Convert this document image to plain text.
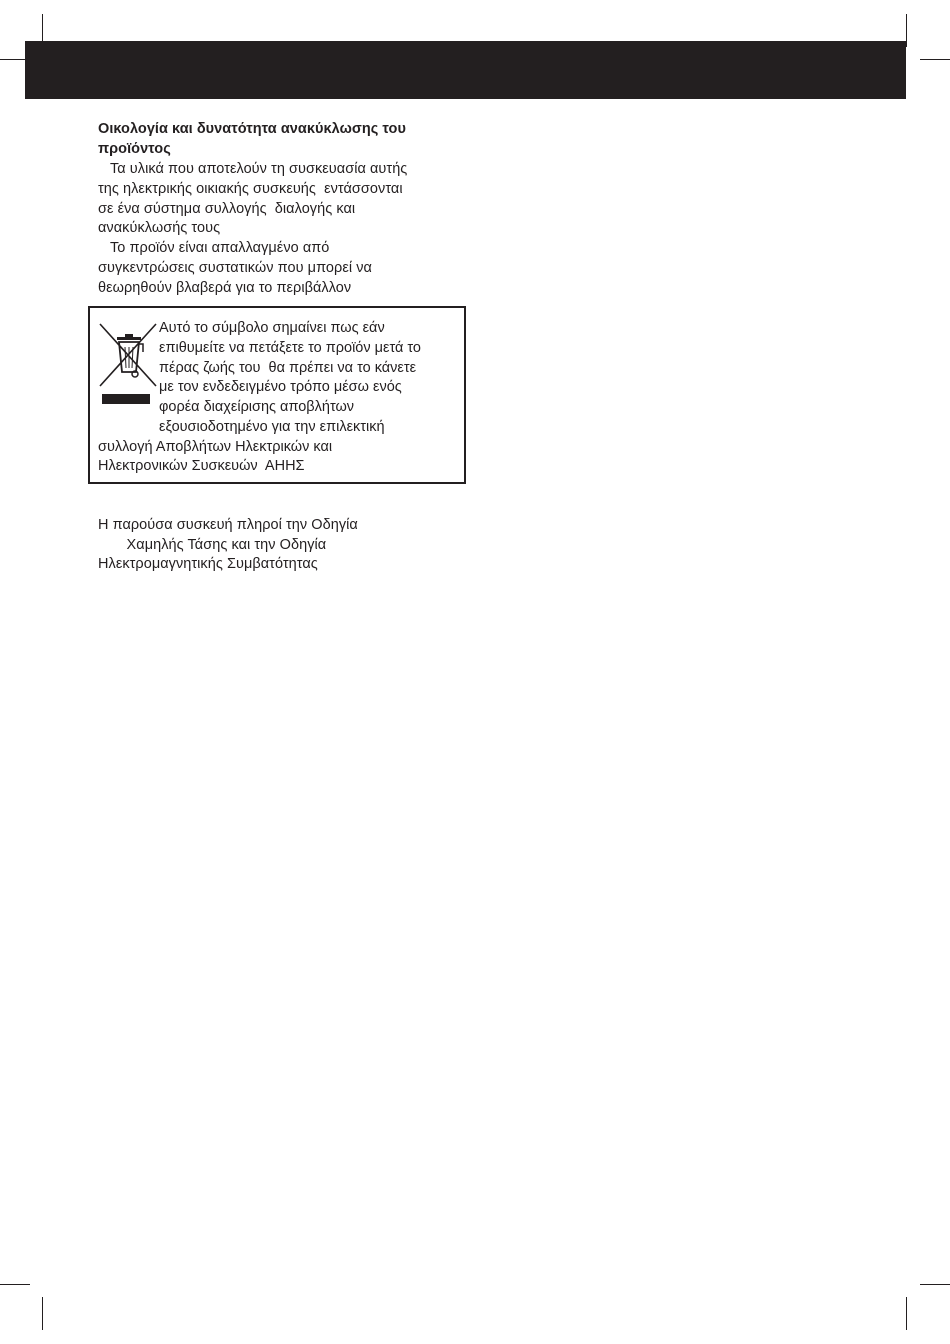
Οικολογία και δυνατότητα ανακύκλωσης του
προϊόντος
Τα υλικά που αποτελούν τη συσκευασία αυτής
της ηλεκτρικής οικιακής συσκευής  εντάσσονται
σε ένα σύστημα συλλογής  διαλογής και
ανακύκλωσής τους
Το προϊόν είναι απαλλαγμένο από
συγκεντρώσεις συστατικών που μπορεί να
θεωρηθούν βλαβερά για το περιβάλλον
Αυτό το σύμβολο σημαίνει πως εάν
επιθυμείτε να πετάξετε το προϊόν μετά το
πέρας ζωής του  θα πρέπει να το κάνετε
με τον ενδεδειγμένο τρόπο μέσω ενός
φορέα διαχείρισης αποβλήτων
εξουσιοδοτημένο για την επιλεκτική
συλλογή Αποβλήτων Ηλεκτρικών και
Ηλεκτρονικών Συσκευών  ΑΗΗΣ
Η παρούσα συσκευή πληροί την Οδηγία
Χαμηλής Τάσης και την Οδηγία
Ηλεκτρομαγνητικής Συμβατότητας
